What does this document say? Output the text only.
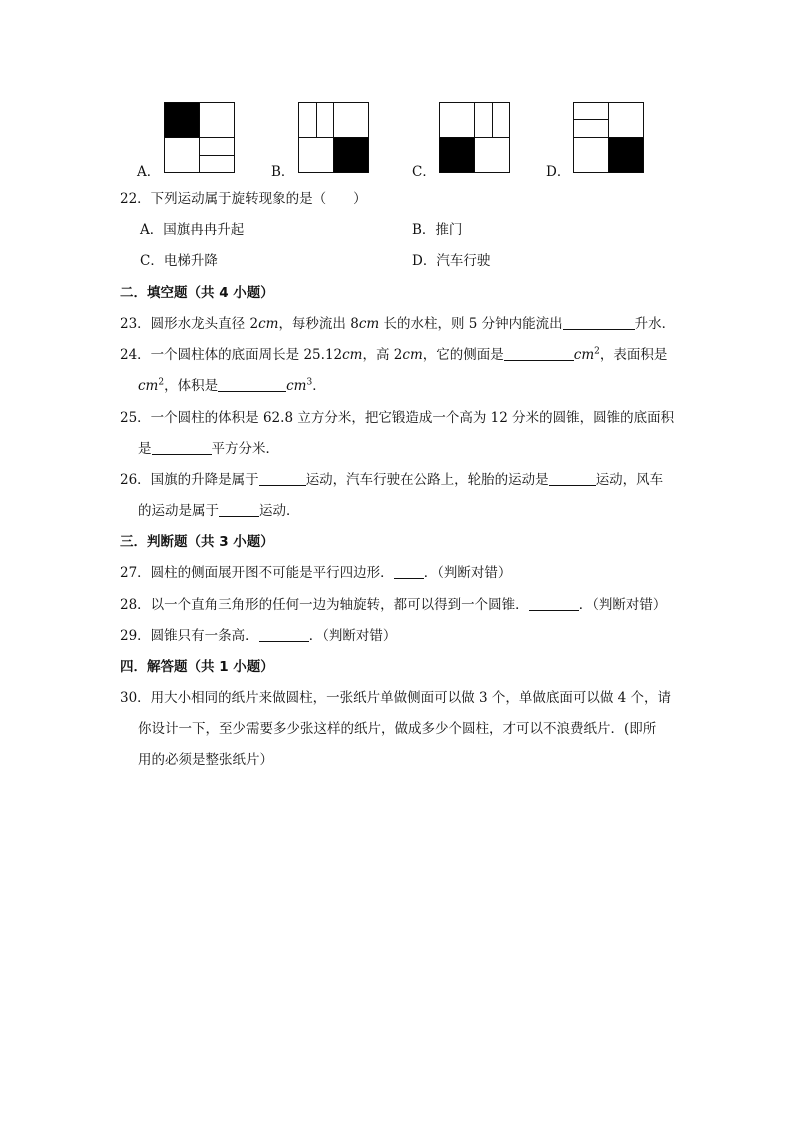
A．	B．	C．	D．
22．下列运动属于旋转现象的是（　　）
A．国旗冉冉升起	B．推门
C．电梯升降	D．汽车行驶
二．填空题（共 4 小题）
23．圆形水龙头直径 2cm，每秒流出 8cm 长的水柱，则 5 分钟内能流出	升水．
24．一个圆柱体的底面周长是 25.12cm，高 2cm，它的侧面是	$cm^2$，表面积是
$cm^2$，体积是	$cm^3$．
25．一个圆柱的体积是 62.8 立方分米，把它锻造成一个高为 12 分米的圆锥，圆锥的底面积
是	平方分米．
26．国旗的升降是属于	运动，汽车行驶在公路上，轮胎的运动是	运动，风车
的运动是属于	运动．
三．判断题（共 3 小题）
27．圆柱的侧面展开图不可能是平行四边形． ．（判断对错）
28．以一个直角三角形的任何一边为轴旋转，都可以得到一个圆锥．	．（判断对错）
29．圆锥只有一条高．	．（判断对错）
四．解答题（共 1 小题）
30．用大小相同的纸片来做圆柱，一张纸片单做侧面可以做 3 个，单做底面可以做 4 个，请
你设计一下，至少需要多少张这样的纸片，做成多少个圆柱，才可以不浪费纸片．(即所
用的必须是整张纸片）
